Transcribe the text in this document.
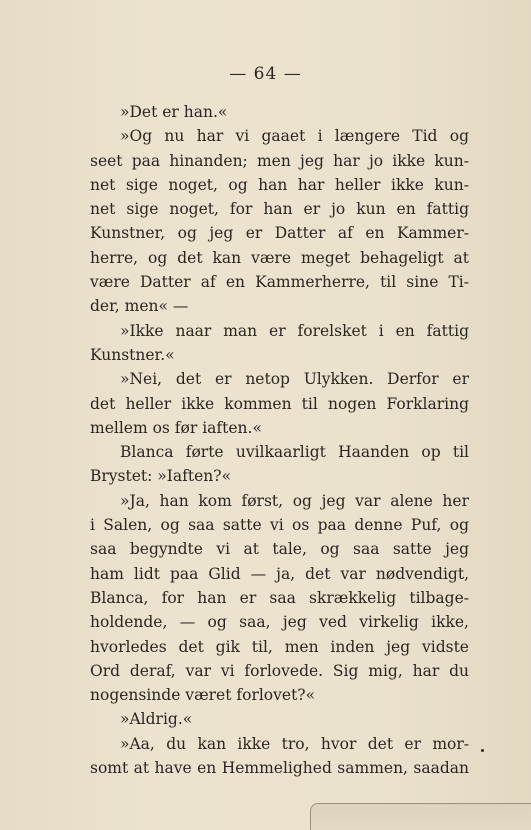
— 64 —
»Det er han.«
»Og nu har vi gaaet i længere Tid og
seet paa hinanden; men jeg har jo ikke kun-
net sige noget, og han har heller ikke kun-
net sige noget, for han er jo kun en fattig
Kunstner, og jeg er Datter af en Kammer-
herre, og det kan være meget behageligt at
være Datter af en Kammerherre, til sine Ti-
der, men« —
»Ikke naar man er forelsket i en fattig
Kunstner.«
»Nei, det er netop Ulykken. Derfor er
det heller ikke kommen til nogen Forklaring
mellem os før iaften.«
Blanca førte uvilkaarligt Haanden op til
Brystet: »Iaften?«
»Ja, han kom først, og jeg var alene her
i Salen, og saa satte vi os paa denne Puf, og
saa begyndte vi at tale, og saa satte jeg
ham lidt paa Glid — ja, det var nødvendigt,
Blanca, for han er saa skrækkelig tilbage-
holdende, — og saa, jeg ved virkelig ikke,
hvorledes det gik til, men inden jeg vidste
Ord deraf, var vi forlovede. Sig mig, har du
nogensinde været forlovet?«
»Aldrig.«
»Aa, du kan ikke tro, hvor det er mor-
somt at have en Hemmelighed sammen, saadan
